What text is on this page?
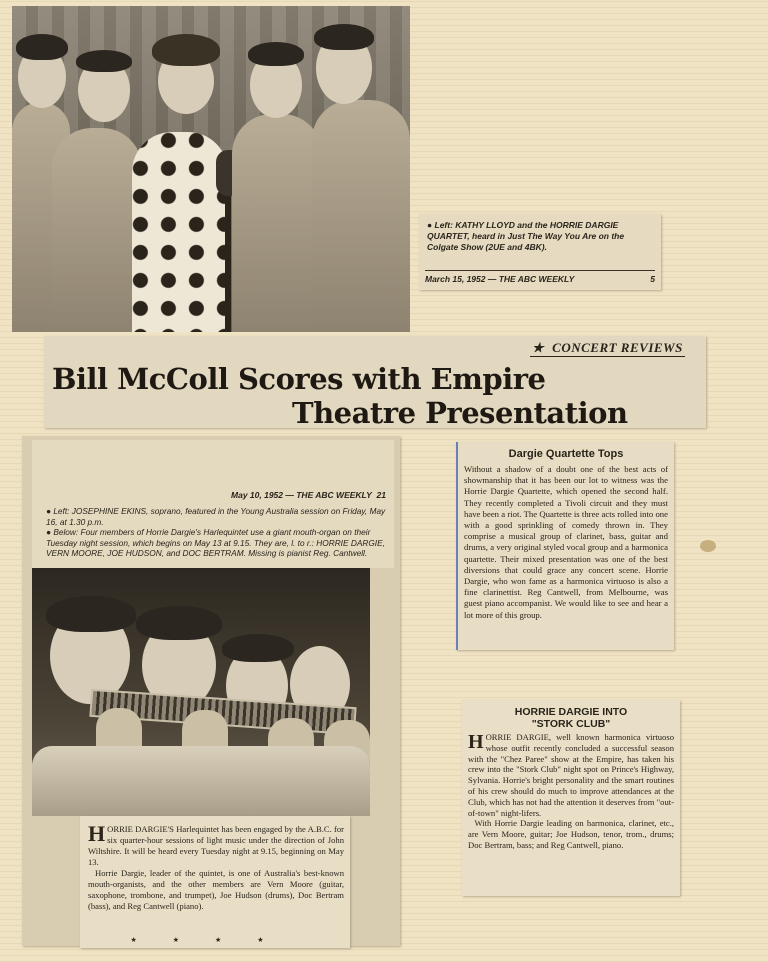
● Left: KATHY LLOYD and the HORRIE DARGIE QUARTET, heard in Just The Way You Are on the Colgate Show (2UE and 4BK).
March 15, 1952 — THE ABC WEEKLY	5
★ CONCERT REVIEWS
Bill McColl Scores with Empire
Theatre Presentation
May 10, 1952 — THE ABC WEEKLY 21
● Left: JOSEPHINE EKINS, soprano, featured in the Young Australia session on Friday, May 16, at 1.30 p.m.
● Below: Four members of Horrie Dargie's Harlequintet use a giant mouth-organ on their Tuesday night session, which begins on May 13 at 9.15. They are, l. to r.: HORRIE DARGIE, VERN MOORE, JOE HUDSON, and DOC BERTRAM. Missing is pianist Reg. Cantwell.
HORRIE DARGIE'S Harlequintet has been engaged by the A.B.C. for six quarter-hour sessions of light music under the direction of John Wiltshire. It will be heard every Tuesday night at 9.15, beginning on May 13.
Horrie Dargie, leader of the quintet, is one of Australia's best-known mouth-organists, and the other members are Vern Moore (guitar, saxophone, trombone, and trumpet), Joe Hudson (drums), Doc Bertram (bass), and Reg Cantwell (piano).
★★★★
Dargie Quartette Tops
Without a shadow of a doubt one of the best acts of showmanship that it has been our lot to witness was the Horrie Dargie Quartette, which opened the second half. They recently completed a Tivoli circuit and they must have been a riot. The Quartette is three acts rolled into one with a good sprinkling of comedy thrown in. They comprise a musical group of clarinet, bass, guitar and drums, a very original styled vocal group and a harmonica quartette. Their mixed presentation was one of the best diversions that could grace any concert scene. Horrie Dargie, who won fame as a harmonica virtuoso is also a fine clarinettist. Reg Cantwell, from Melbourne, was guest piano accompanist. We would like to see and hear a lot more of this group.
HORRIE DARGIE INTO
"STORK CLUB"
HORRIE DARGIE, well known harmonica virtuoso whose outfit recently concluded a successful season with the "Chez Paree" show at the Empire, has taken his crew into the "Stork Club" night spot on Prince's Highway, Sylvania. Horrie's bright personality and the smart routines of his crew should do much to improve attendances at the Club, which has not had the attention it deserves from "out-of-town" night-lifers.
With Horrie Dargie leading on harmonica, clarinet, etc., are Vern Moore, guitar; Joe Hudson, tenor, trom., drums; Doc Bertram, bass; and Reg Cantwell, piano.
